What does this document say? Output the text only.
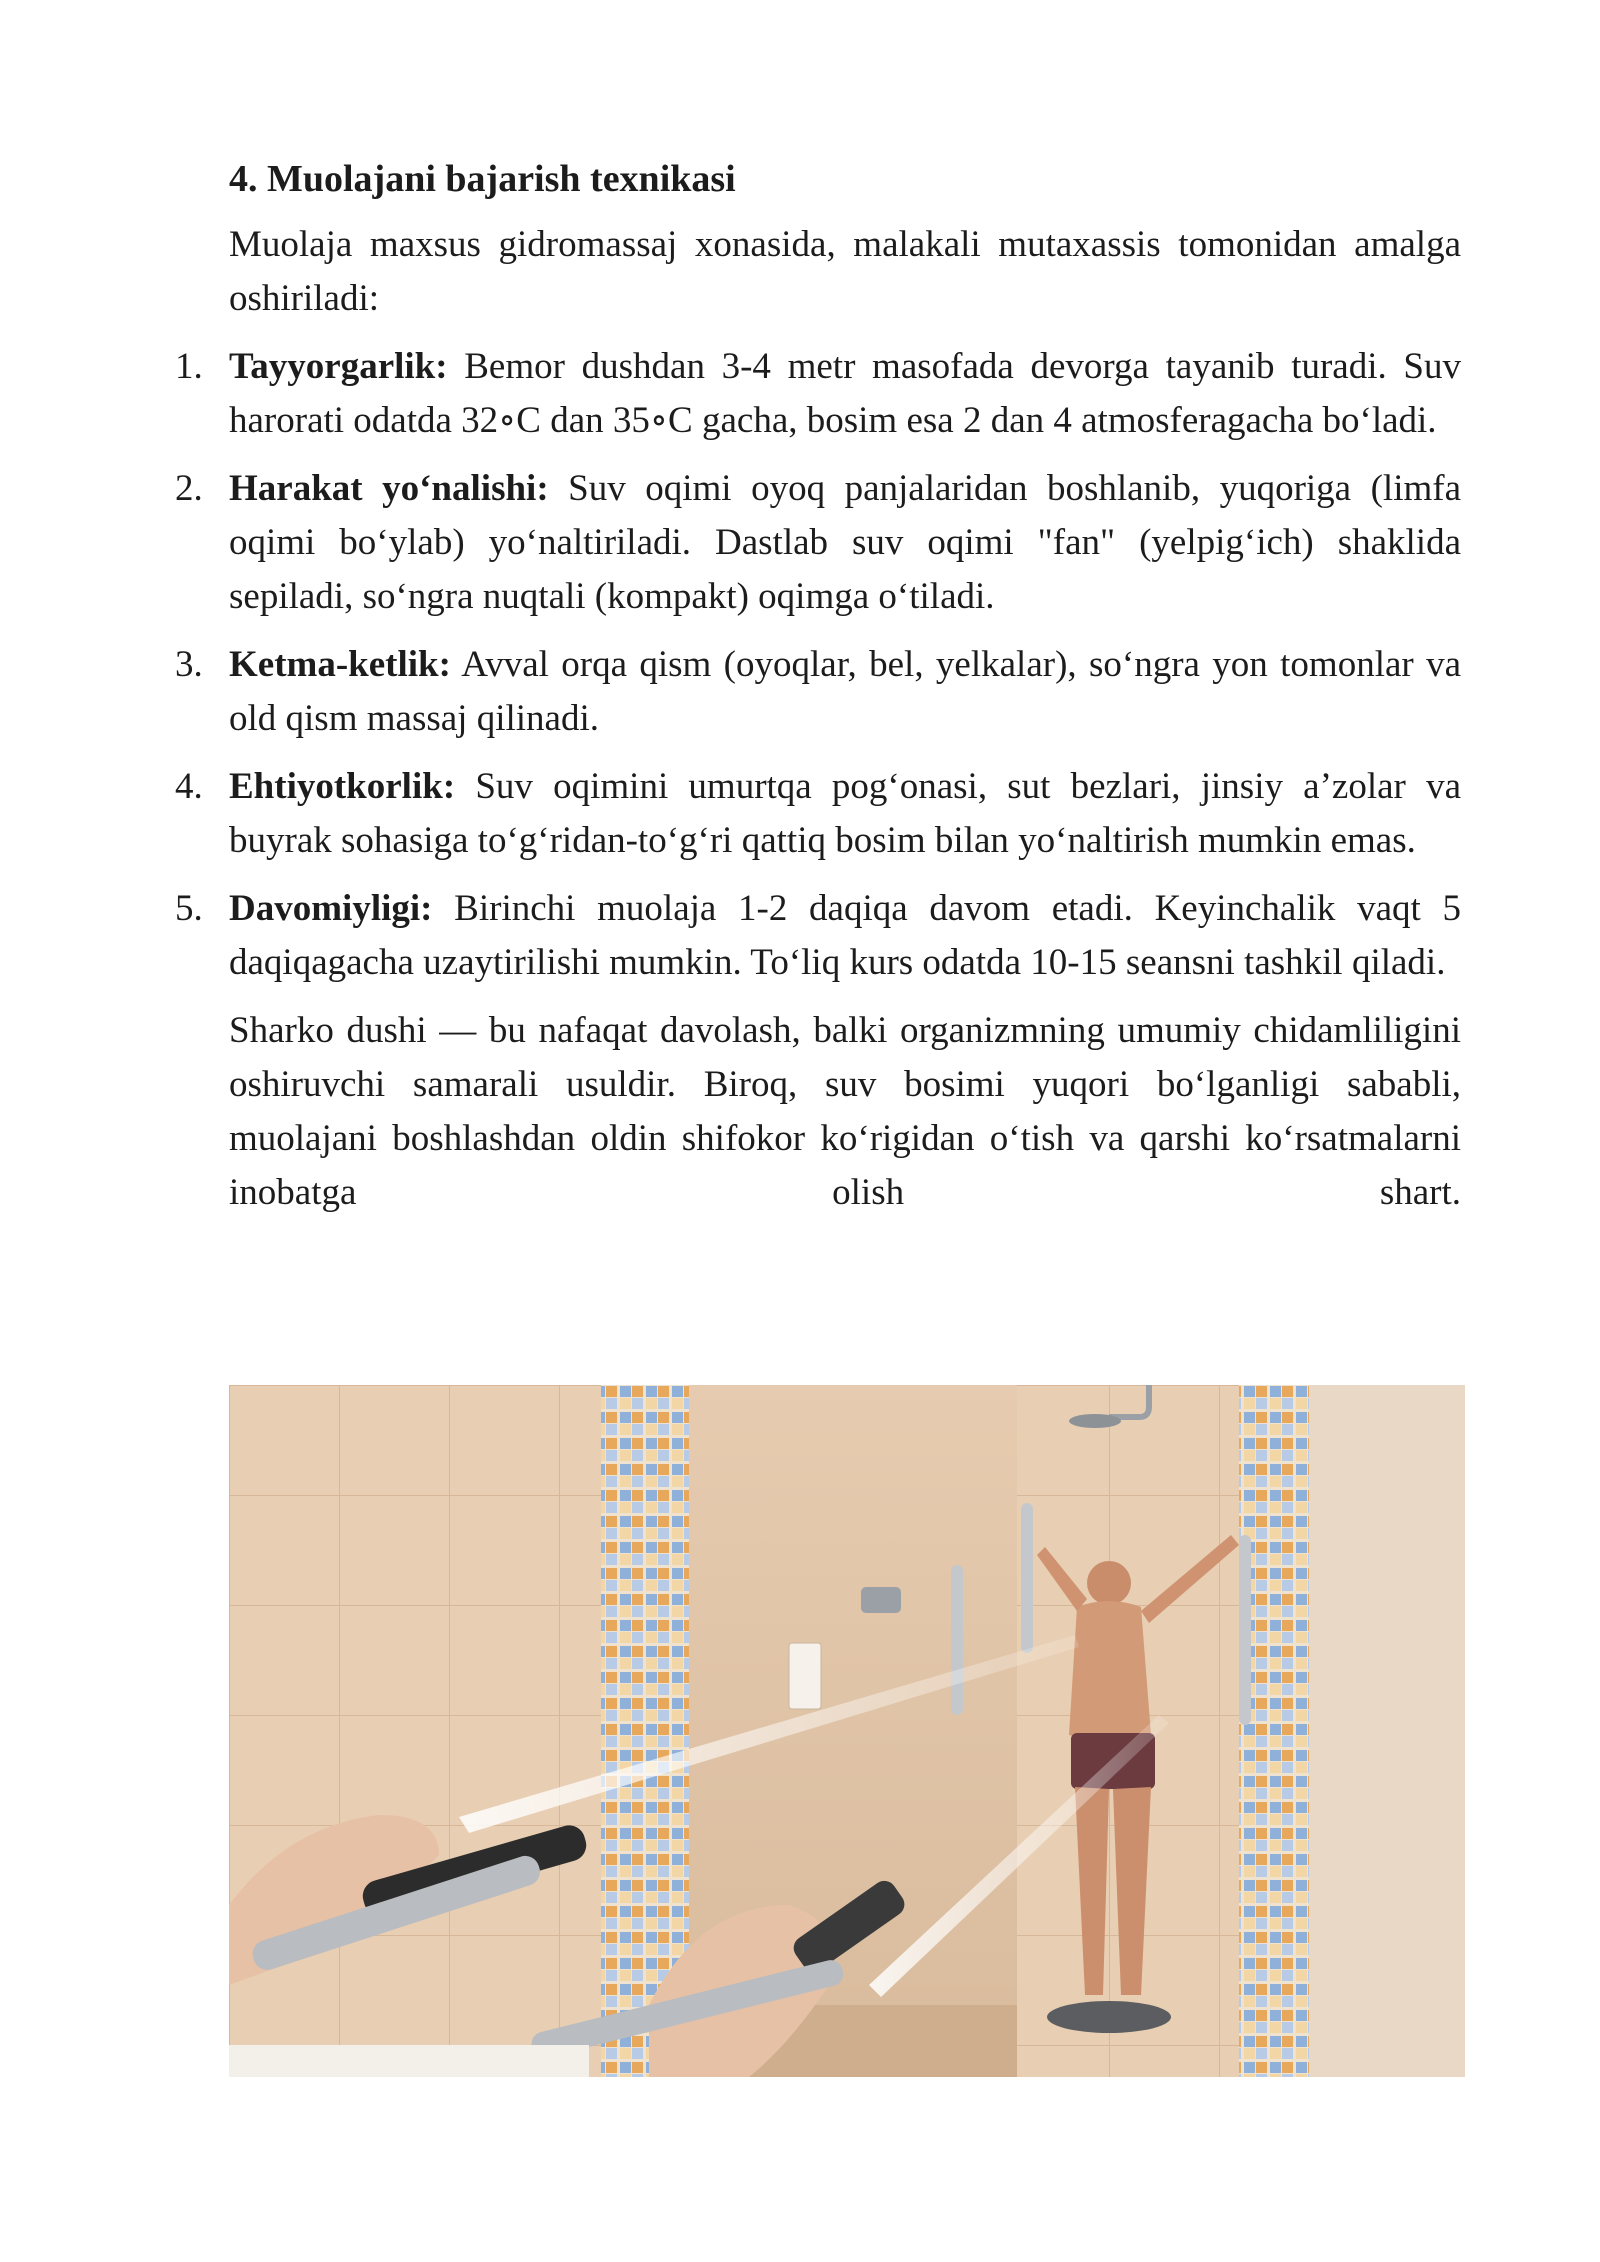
4. Muolajani bajarish texnikasi

Muolaja maxsus gidromassaj xonasida, malakali mutaxassis tomonidan amalga oshiriladi:

1. Tayyorgarlik: Bemor dushdan 3-4 metr masofada devorga tayanib turadi. Suv harorati odatda 32∘C dan 35∘C gacha, bosim esa 2 dan 4 atmosferagacha bo‘ladi.
2. Harakat yo‘nalishi: Suv oqimi oyoq panjalaridan boshlanib, yuqoriga (limfa oqimi bo‘ylab) yo‘naltiriladi. Dastlab suv oqimi "fan" (yelpig‘ich) shaklida sepiladi, so‘ngra nuqtali (kompakt) oqimga o‘tiladi.
3. Ketma-ketlik: Avval orqa qism (oyoqlar, bel, yelkalar), so‘ngra yon tomonlar va old qism massaj qilinadi.
4. Ehtiyotkorlik: Suv oqimini umurtqa pog‘onasi, sut bezlari, jinsiy a’zolar va buyrak sohasiga to‘g‘ridan-to‘g‘ri qattiq bosim bilan yo‘naltirish mumkin emas.
5. Davomiyligi: Birinchi muolaja 1-2 daqiqa davom etadi. Keyinchalik vaqt 5 daqiqagacha uzaytirilishi mumkin. To‘liq kurs odatda 10-15 seansni tashkil qiladi.

Sharko dushi — bu nafaqat davolash, balki organizmning umumiy chidamliligini oshiruvchi samarali usuldir. Biroq, suv bosimi yuqori bo‘lganligi sababli, muolajani boshlashdan oldin shifokor ko‘rigidan o‘tish va qarshi ko‘rsatmalarni inobatga olish shart.
